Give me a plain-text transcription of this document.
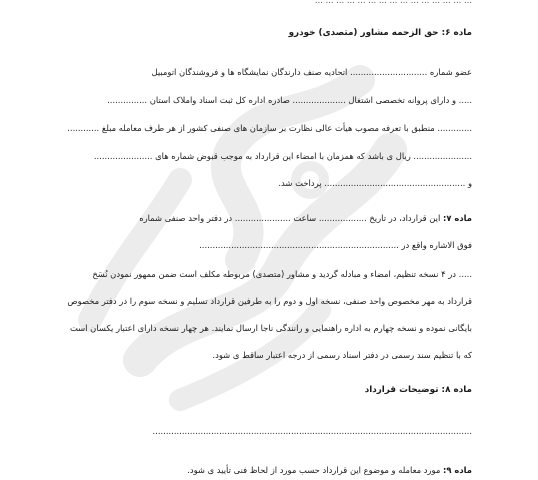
... ... ... ... ... ... ... ... ... ... ... ... ... ... ...
ماده ۶: حق الزحمه مشاور (متصدی) خودرو
عضو شماره ............................. اتحادیه صنف دارندگان نمایشگاه ها و فروشندگان اتومبیل
..... و دارای پروانه تخصصی اشتغال .................... صادره اداره کل ثبت اسناد واملاک استان ...............
............. منطبق با تعرفه مصوب هیأت عالی نظارت بر سازمان های صنفی کشور از هر طرف معامله مبلغ ............
...................... ریال ی باشد که همزمان با امضاء این قرارداد به موجب قبوض شماره های ......................
و ..................................................... پرداخت شد.
ماده ۷: این قرارداد، در تاریخ .................. ساعت ..................... در دفتر واحد صنفی شماره
فوق الاشاره واقع در ...........................................................................
..... در ۴ نسخه تنظیم، امضاء و مبادله گردید و مشاور (متصدی) مربوطه مکلف است ضمن ممهور نمودن نُسَخ
قرارداد به مهر مخصوص واحد صنفی، نسخه اول و دوم را به طرفین قرارداد تسلیم و نسخه سوم را در دفتر مخصوص
بایگانی نموده و نسخه چهارم به اداره راهنمایی و رانندگی ناجا ارسال نمایند. هر چهار نسخه دارای اعتبار یکسان است
که با تنظیم سند رسمی در دفتر اسناد رسمی از درجه اعتبار ساقط ی شود.
ماده ۸: توضیحات قرارداد
........................................................................................................................
ماده ۹: مورد معامله و موضوع این قرارداد حسب مورد از لحاظ فنی تأیید ی شود.
